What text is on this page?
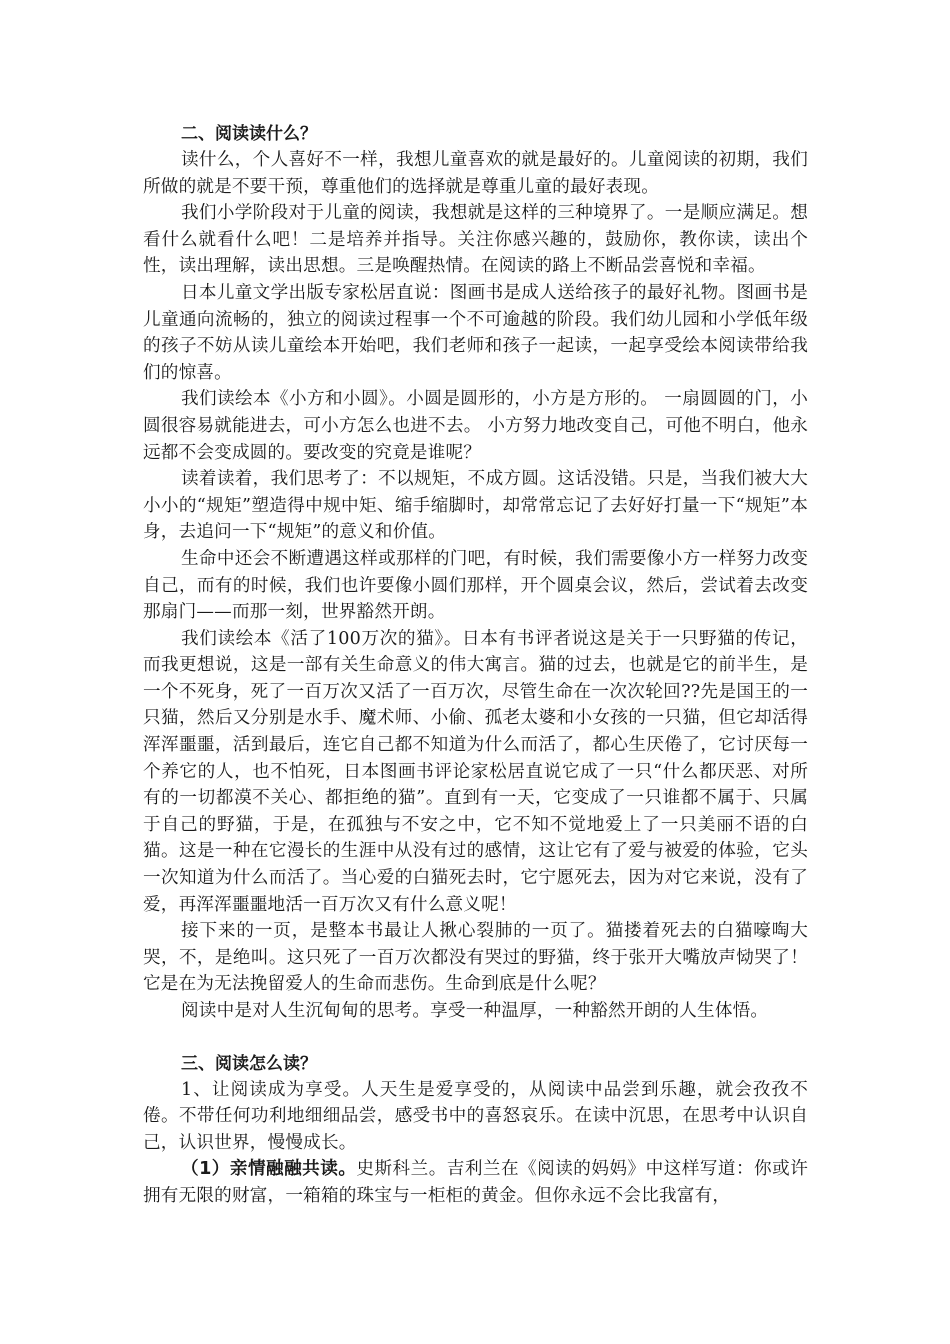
二、阅读读什么？

读什么，个人喜好不一样，我想儿童喜欢的就是最好的。儿童阅读的初期，我们所做的就是不要干预，尊重他们的选择就是尊重儿童的最好表现。

我们小学阶段对于儿童的阅读，我想就是这样的三种境界了。一是顺应满足。想看什么就看什么吧！二是培养并指导。关注你感兴趣的，鼓励你，教你读，读出个性，读出理解，读出思想。三是唤醒热情。在阅读的路上不断品尝喜悦和幸福。

日本儿童文学出版专家松居直说：图画书是成人送给孩子的最好礼物。图画书是儿童通向流畅的，独立的阅读过程事一个不可逾越的阶段。我们幼儿园和小学低年级的孩子不妨从读儿童绘本开始吧，我们老师和孩子一起读，一起享受绘本阅读带给我们的惊喜。

我们读绘本《小方和小圆》。小圆是圆形的，小方是方形的。 一扇圆圆的门，小圆很容易就能进去，可小方怎么也进不去。 小方努力地改变自己，可他不明白，他永远都不会变成圆的。要改变的究竟是谁呢？

读着读着，我们思考了：不以规矩，不成方圆。这话没错。只是，当我们被大大小小的“规矩”塑造得中规中矩、缩手缩脚时，却常常忘记了去好好打量一下“规矩”本身，去追问一下“规矩”的意义和价值。

生命中还会不断遭遇这样或那样的门吧，有时候，我们需要像小方一样努力改变自己，而有的时候，我们也许要像小圆们那样，开个圆桌会议，然后，尝试着去改变那扇门——而那一刻，世界豁然开朗。

我们读绘本《活了100万次的猫》。日本有书评者说这是关于一只野猫的传记，而我更想说，这是一部有关生命意义的伟大寓言。猫的过去，也就是它的前半生，是一个不死身，死了一百万次又活了一百万次，尽管生命在一次次轮回??先是国王的一只猫，然后又分别是水手、魔术师、小偷、孤老太婆和小女孩的一只猫，但它却活得浑浑噩噩，活到最后，连它自己都不知道为什么而活了，都心生厌倦了，它讨厌每一个养它的人，也不怕死，日本图画书评论家松居直说它成了一只“什么都厌恶、对所有的一切都漠不关心、都拒绝的猫”。直到有一天，它变成了一只谁都不属于、只属于自己的野猫，于是，在孤独与不安之中，它不知不觉地爱上了一只美丽不语的白猫。这是一种在它漫长的生涯中从没有过的感情，这让它有了爱与被爱的体验，它头一次知道为什么而活了。当心爱的白猫死去时，它宁愿死去，因为对它来说，没有了爱，再浑浑噩噩地活一百万次又有什么意义呢！

接下来的一页，是整本书最让人揪心裂肺的一页了。猫搂着死去的白猫嚎啕大哭，不，是绝叫。这只死了一百万次都没有哭过的野猫，终于张开大嘴放声恸哭了！ 它是在为无法挽留爱人的生命而悲伤。生命到底是什么呢？

阅读中是对人生沉甸甸的思考。享受一种温厚，一种豁然开朗的人生体悟。

三、阅读怎么读？

1、让阅读成为享受。人天生是爱享受的，从阅读中品尝到乐趣，就会孜孜不倦。不带任何功利地细细品尝，感受书中的喜怒哀乐。在读中沉思，在思考中认识自己，认识世界，慢慢成长。

（1）亲情融融共读。史斯科兰。吉利兰在《阅读的妈妈》中这样写道：你或许拥有无限的财富，一箱箱的珠宝与一柜柜的黄金。但你永远不会比我富有，
